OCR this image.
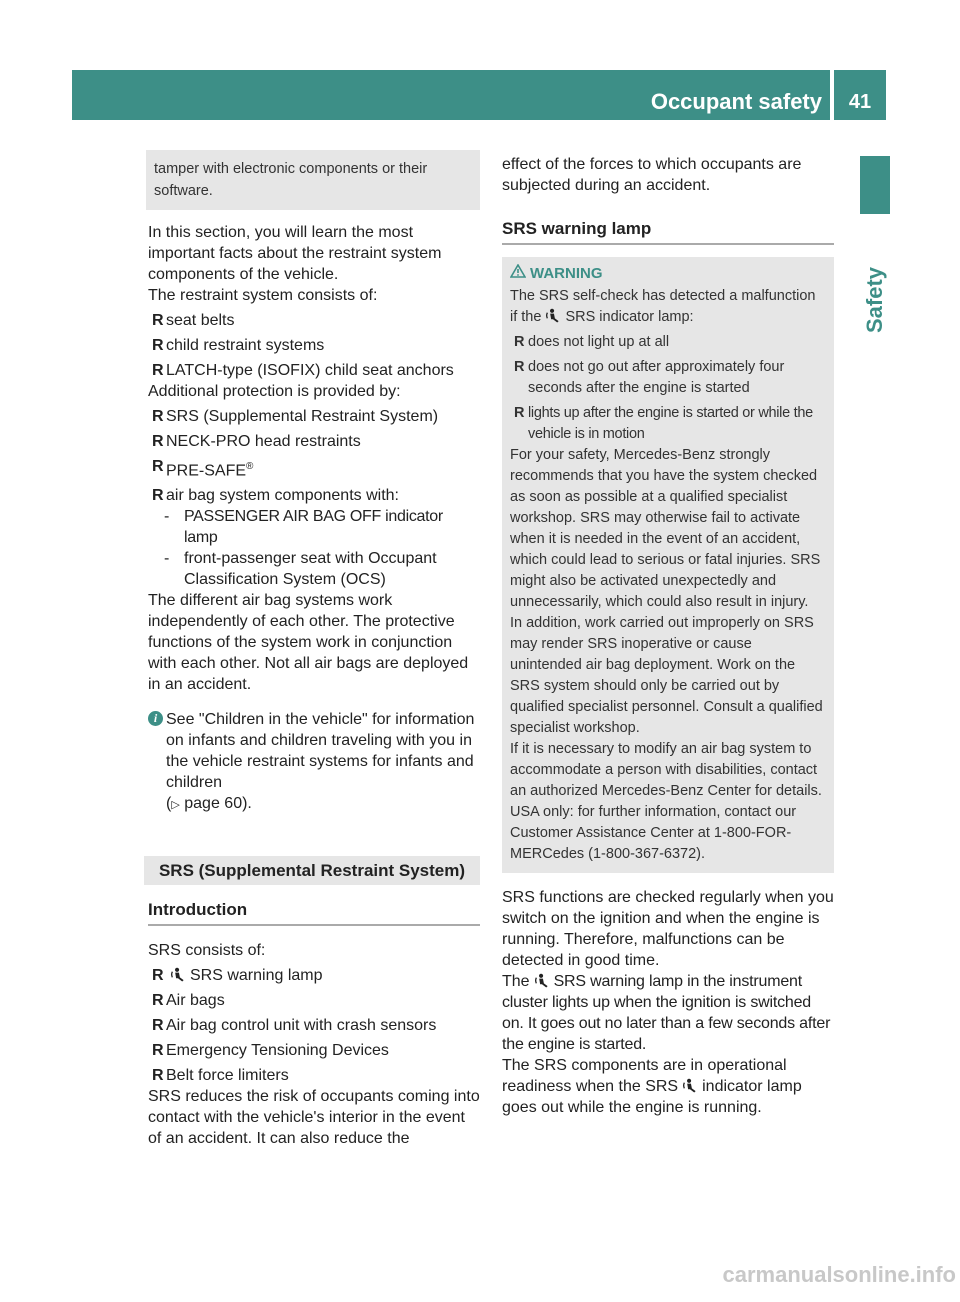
Occupant safety	41
Safety

tamper with electronic components or their software.

In this section, you will learn the most important facts about the restraint system components of the vehicle.

The restraint system consists of:

R seat belts
R child restraint systems
R LATCH-type (ISOFIX) child seat anchors

Additional protection is provided by:

R SRS (Supplemental Restraint System)
R NECK-PRO head restraints
R PRE-SAFE®
R air bag system components with:
- PASSENGER AIR BAG OFF indicator lamp
- front-passenger seat with Occupant Classification System (OCS)

The different air bag systems work independently of each other. The protective functions of the system work in conjunction with each other. Not all air bags are deployed in an accident.

i See "Children in the vehicle" for information on infants and children traveling with you in the vehicle restraint systems for infants and children
(▷ page 60).
SRS (Supplemental Restraint System)
Introduction

SRS consists of:

R SRS warning lamp
R Air bags
R Air bag control unit with crash sensors
R Emergency Tensioning Devices
R Belt force limiters

SRS reduces the risk of occupants coming into contact with the vehicle's interior in the event of an accident. It can also reduce the

effect of the forces to which occupants are subjected during an accident.

SRS warning lamp
WARNING

The SRS self-check has detected a malfunction if the SRS indicator lamp:

R does not light up at all
R does not go out after approximately four seconds after the engine is started
R lights up after the engine is started or while the vehicle is in motion

For your safety, Mercedes-Benz strongly recommends that you have the system checked as soon as possible at a qualified specialist workshop. SRS may otherwise fail to activate when it is needed in the event of an accident, which could lead to serious or fatal injuries. SRS might also be activated unexpectedly and unnecessarily, which could also result in injury.

In addition, work carried out improperly on SRS may render SRS inoperative or cause unintended air bag deployment. Work on the SRS system should only be carried out by qualified specialist personnel. Consult a qualified specialist workshop.

If it is necessary to modify an air bag system to accommodate a person with disabilities, contact an authorized Mercedes-Benz Center for details. USA only: for further information, contact our Customer Assistance Center at 1-800-FOR-MERCedes (1-800-367-6372).

SRS functions are checked regularly when you switch on the ignition and when the engine is running. Therefore, malfunctions can be detected in good time.

The SRS warning lamp in the instrument cluster lights up when the ignition is switched on. It goes out no later than a few seconds after the engine is started.

The SRS components are in operational readiness when the SRS indicator lamp goes out while the engine is running.

carmanualsonline.info
